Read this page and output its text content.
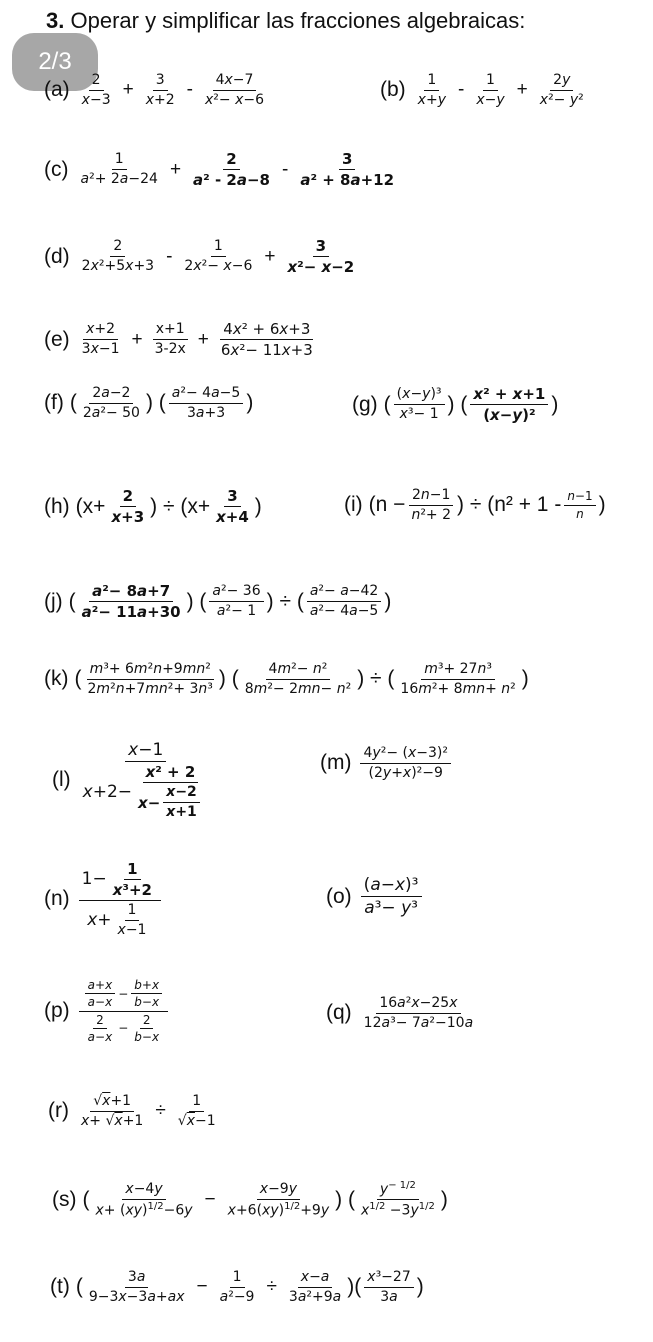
3. Operar y simplificar las fracciones algebraicas:
2/3
$(a) \frac{2}{x-3} + \frac{3}{x+2} - \frac{4x-7}{\text{x²− x−6}}$	$(b) \frac{1}{x+y} - \frac{1}{x-y} + \frac{2y}{\text{x²− y²}}$
$(c) \frac{1}{\text{a²+ 2a−24}} + \frac{2}{\text{a² - 2a−8}} - \frac{3}{\text{a² + 8a+12}}$
$(d) \frac{2}{\text{2x²+5x+3}} - \frac{1}{\text{2x²− x−6}} + \frac{3}{\text{x²− x−2}}$
$(e) \frac{x+2}{3x-1} + \frac{x+1}{3-2x} + \frac{\text{4x² + 6x+3}}{\text{6x²− 11x+3}}$
(f) ( $\frac{2a-2}{\text{2a²− 50}}$ ) ( $\frac{\text{a²− 4a−5}}{3a+3}$ )	(g) ( $\frac{\text{(x−y)³}}{\text{x³− 1}}$ ) ( $\frac{\text{x² + x+1}}{\text{(x−y)²}}$ )
(h) ($x+ \frac{2}{x+3}$ ) ÷ ($x+ \frac{3}{x+4}$ )	(i) ($n - \frac{2n-1}{\text{n²+ 2}}$ ) ÷ ($n^2 + 1 - \frac{n-1}{n}$ )
(j) ( $\frac{\text{a²− 8a+7}}{\text{a²− 11a+30}}$ ) ( $\frac{\text{a²− 36}}{\text{a²− 1}}$ ) ÷ ( $\frac{\text{a²− a−42}}{\text{a²− 4a−5}}$ )
(k) ( $\frac{\text{m³+ 6m²n+9mn²}}{\text{2m²n+7mn²+ 3n³}}$ ) ( $\frac{\text{4m²− n²}}{\text{8m²− 2mn− n²}}$ ) ÷ ( $\frac{\text{m³+ 27n³}}{\text{16m²+ 8mn+ n²}}$ )
$(l) \frac{x-1}{x +2- \frac{\text{x² + 2}}{x - \frac{x-2}{x+1}}}$	$(m) \frac{\text{4y²− (x−3)²}}{\text{(2y+x)²−9}}$
$(n) \frac{1- \frac{1}{\text{x³+2}}}{x + \frac{1}{x-1}}$	$(o) \frac{\text{(a−x)³}}{\text{a³− y³}}$
$(p) \frac{\frac{a+x}{a-x} - \frac{b+x}{b-x}}{\frac{2}{a-x} - \frac{2}{b-x}}$	$(q) \frac{\text{16a²x−25x}}{\text{12a³− 7a²−10a}}$
$(r) \frac{√x+1}{x+ √x+1} \div \frac{1}{√x-1}$
(s) ( $\frac{x-4y}{x+ (xy)^{1/2}-6y} - \frac{x-9y}{x+6(xy)^{1/2}+9y}$ ) ( $\frac{y^{- 1/2}}{x^{1/2} -3y^{1/2}}$ )
(t) ( $\frac{3a}{9-3x-3a+ax} - \frac{1}{\text{a²−9}} \div \frac{x-a}{\text{3a²+9a}}$ )( $\frac{\text{x³−27}}{3a}$ )
